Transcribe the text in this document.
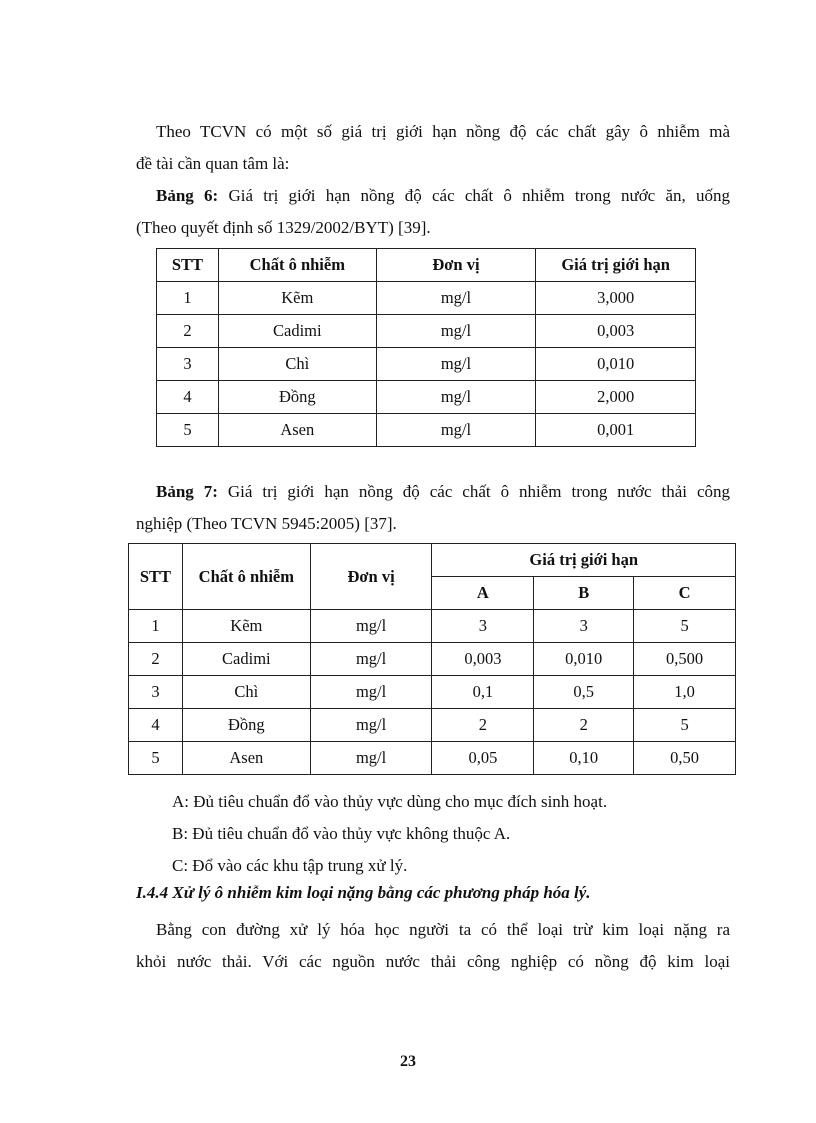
Theo TCVN có một số giá trị giới hạn nồng độ các chất gây ô nhiễm mà

đề tài cần quan tâm là:

Bảng 6: Giá trị giới hạn nồng độ các chất ô nhiễm trong nước ăn, uống

(Theo quyết định số 1329/2002/BYT) [39].

STT	Chất ô nhiễm	Đơn vị	Giá trị giới hạn
1	Kẽm	mg/l	3,000
2	Cadimi	mg/l	0,003
3	Chì	mg/l	0,010
4	Đồng	mg/l	2,000
5	Asen	mg/l	0,001

Bảng 7: Giá trị giới hạn nồng độ các chất ô nhiễm trong nước thải công

nghiệp (Theo TCVN 5945:2005) [37].

STT	Chất ô nhiễm	Đơn vị	Giá trị giới hạn		
			A	B	C
1	Kẽm	mg/l	3	3	5
2	Cadimi	mg/l	0,003	0,010	0,500
3	Chì	mg/l	0,1	0,5	1,0
4	Đồng	mg/l	2	2	5
5	Asen	mg/l	0,05	0,10	0,50

A: Đủ tiêu chuẩn đổ vào thủy vực dùng cho mục đích sinh hoạt.

B: Đủ tiêu chuẩn đổ vào thủy vực không thuộc A.

C: Đổ vào các khu tập trung xử lý.

I.4.4 Xử lý ô nhiễm kim loại nặng bằng các phương pháp hóa lý.

Bằng con đường xử lý hóa học người ta có thể loại trừ kim loại nặng ra

khỏi nước thải. Với các nguồn nước thải công nghiệp có nồng độ kim loại

23
